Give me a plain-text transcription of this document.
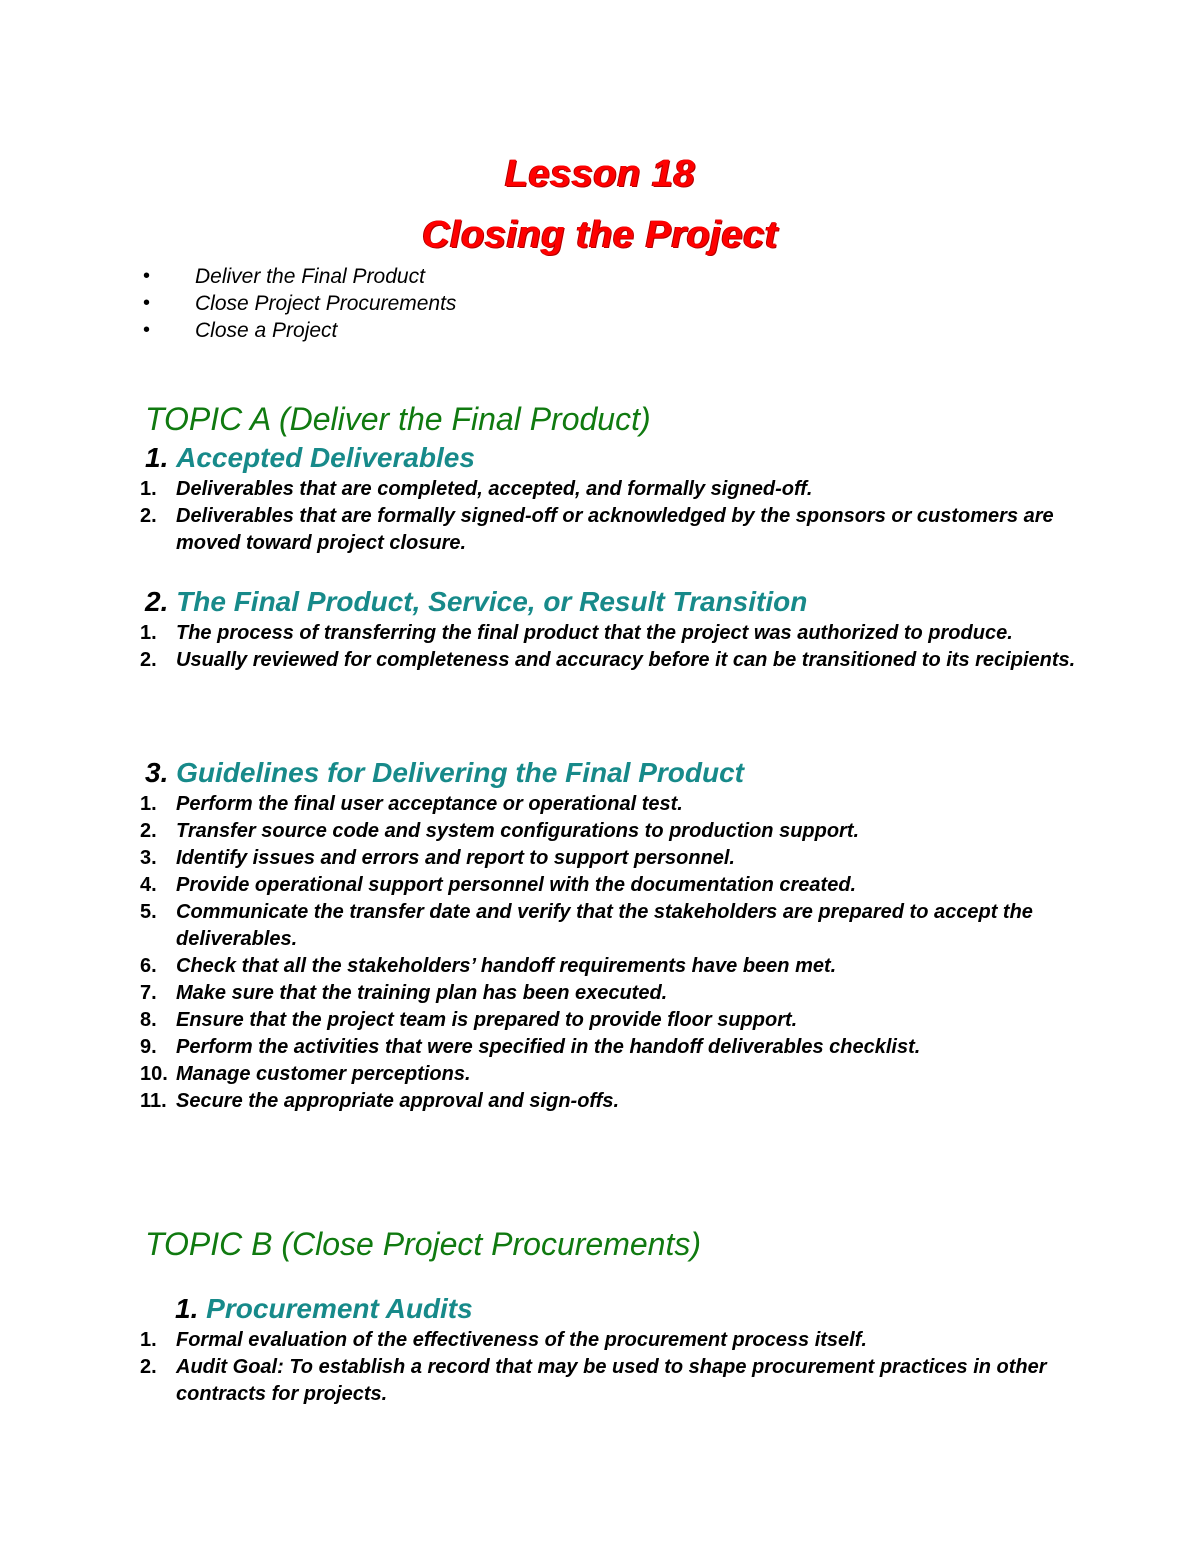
Lesson 18
Closing the Project
• Deliver the Final Product
• Close Project Procurements
• Close a Project
TOPIC A (Deliver the Final Product)
1. Accepted Deliverables
1. Deliverables that are completed, accepted, and formally signed-off.
2. Deliverables that are formally signed-off or acknowledged by the sponsors or customers are moved toward project closure.
2. The Final Product, Service, or Result Transition
1. The process of transferring the final product that the project was authorized to produce.
2. Usually reviewed for completeness and accuracy before it can be transitioned to its recipients.
3. Guidelines for Delivering the Final Product
1. Perform the final user acceptance or operational test.
2. Transfer source code and system configurations to production support.
3. Identify issues and errors and report to support personnel.
4. Provide operational support personnel with the documentation created.
5. Communicate the transfer date and verify that the stakeholders are prepared to accept the deliverables.
6. Check that all the stakeholders’ handoff requirements have been met.
7. Make sure that the training plan has been executed.
8. Ensure that the project team is prepared to provide floor support.
9. Perform the activities that were specified in the handoff deliverables checklist.
10. Manage customer perceptions.
11. Secure the appropriate approval and sign-offs.
TOPIC B (Close Project Procurements)
1. Procurement Audits
1. Formal evaluation of the effectiveness of the procurement process itself.
2. Audit Goal: To establish a record that may be used to shape procurement practices in other contracts for projects.
